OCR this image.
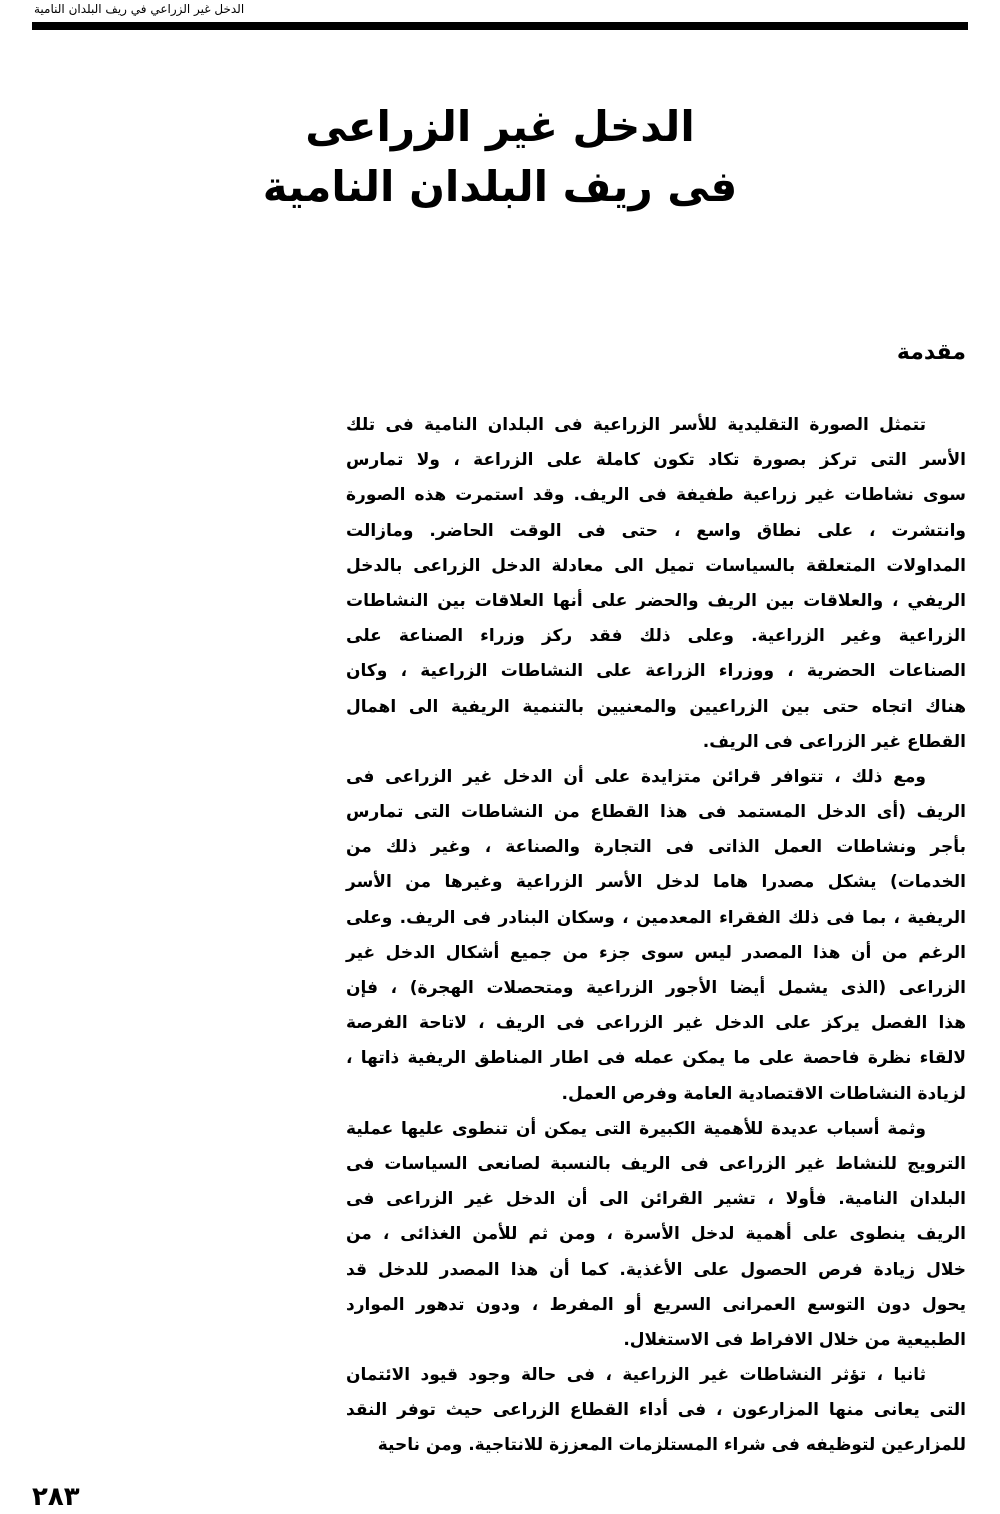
الدخل غير الزراعي في ريف البلدان النامية
الدخل غير الزراعى
فى ريف البلدان النامية
مقدمة
تتمثل الصورة التقليدية للأسر الزراعية فى البلدان النامية فى تلك
الأسر التى تركز بصورة تكاد تكون كاملة على الزراعة ، ولا تمارس
سوى نشاطات غير زراعية طفيفة فى الريف. وقد استمرت هذه الصورة
وانتشرت ، على نطاق واسع ، حتى فى الوقت الحاضر. ومازالت
المداولات المتعلقة بالسياسات تميل الى معادلة الدخل الزراعى بالدخل
الريفي ، والعلاقات بين الريف والحضر على أنها العلاقات بين النشاطات
الزراعية وغير الزراعية. وعلى ذلك فقد ركز وزراء الصناعة على
الصناعات الحضرية ، ووزراء الزراعة على النشاطات الزراعية ، وكان
هناك اتجاه حتى بين الزراعيين والمعنيين بالتنمية الريفية الى اهمال
القطاع غير الزراعى فى الريف.
ومع ذلك ، تتوافر قرائن متزايدة على أن الدخل غير الزراعى فى
الريف (أى الدخل المستمد فى هذا القطاع من النشاطات التى تمارس
بأجر ونشاطات العمل الذاتى فى التجارة والصناعة ، وغير ذلك من
الخدمات) يشكل مصدرا هاما لدخل الأسر الزراعية وغيرها من الأسر
الريفية ، بما فى ذلك الفقراء المعدمين ، وسكان البنادر فى الريف. وعلى
الرغم من أن هذا المصدر ليس سوى جزء من جميع أشكال الدخل غير
الزراعى (الذى يشمل أيضا الأجور الزراعية ومتحصلات الهجرة) ، فإن
هذا الفصل يركز على الدخل غير الزراعى فى الريف ، لاتاحة الفرصة
لالقاء نظرة فاحصة على ما يمكن عمله فى اطار المناطق الريفية ذاتها ،
لزيادة النشاطات الاقتصادية العامة وفرص العمل.
وثمة أسباب عديدة للأهمية الكبيرة التى يمكن أن تنطوى عليها عملية
الترويج للنشاط غير الزراعى فى الريف بالنسبة لصانعى السياسات فى
البلدان النامية. فأولا ، تشير القرائن الى أن الدخل غير الزراعى فى
الريف ينطوى على أهمية لدخل الأسرة ، ومن ثم للأمن الغذائى ، من
خلال زيادة فرص الحصول على الأغذية. كما أن هذا المصدر للدخل قد
يحول دون التوسع العمرانى السريع أو المفرط ، ودون تدهور الموارد
الطبيعية من خلال الافراط فى الاستغلال.
ثانيا ، تؤثر النشاطات غير الزراعية ، فى حالة وجود قيود الائتمان
التى يعانى منها المزارعون ، فى أداء القطاع الزراعى حيث توفر النقد
للمزارعين لتوظيفه فى شراء المستلزمات المعززة للانتاجية. ومن ناحية
٢٨٣
